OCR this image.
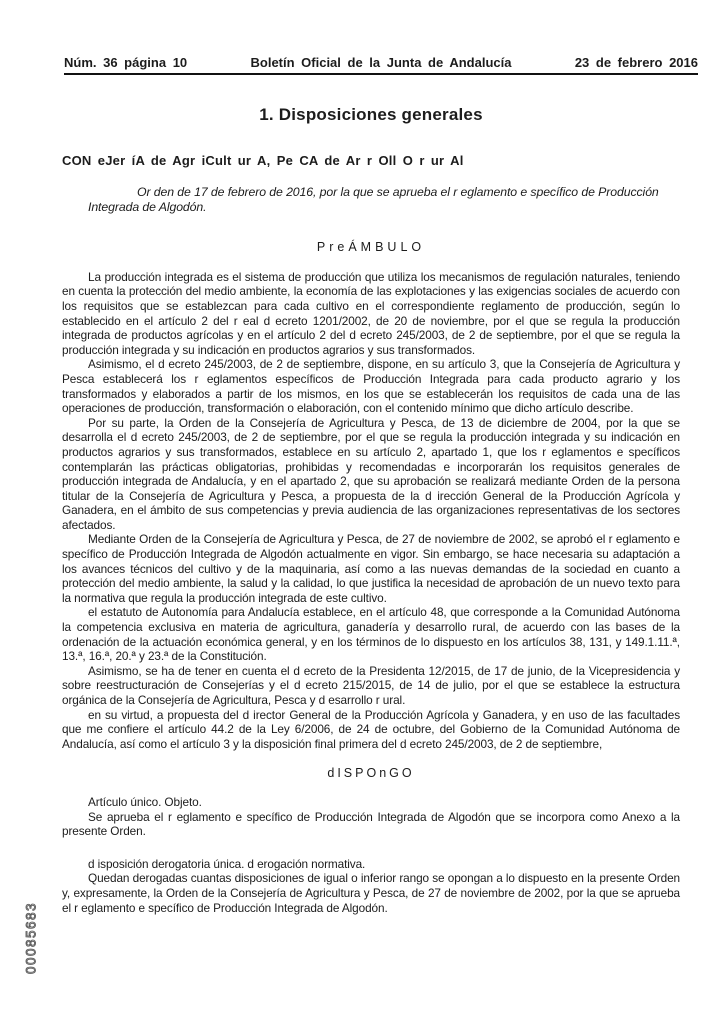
Núm. 36 página 10	Boletín Oficial de la Junta de Andalucía	23 de febrero 2016
1. Disposiciones generales
CON eJer íA de Agr iCult ur A, Pe CA de Ar r Oll O r ur Al

Or den de 17 de febrero de 2016, por la que se aprueba el r eglamento e specífico de Producción Integrada de Algodón.

PreÁMBULO

La producción integrada es el sistema de producción que utiliza los mecanismos de regulación naturales, teniendo en cuenta la protección del medio ambiente, la economía de las explotaciones y las exigencias sociales de acuerdo con los requisitos que se establezcan para cada cultivo en el correspondiente reglamento de producción, según lo establecido en el artículo 2 del r eal d ecreto 1201/2002, de 20 de noviembre, por el que se regula la producción integrada de productos agrícolas y en el artículo 2 del d ecreto 245/2003, de 2 de septiembre, por el que se regula la producción integrada y su indicación en productos agrarios y sus transformados.

Asimismo, el d ecreto 245/2003, de 2 de septiembre, dispone, en su artículo 3, que la Consejería de Agricultura y Pesca establecerá los r eglamentos específicos de Producción Integrada para cada producto agrario y los transformados y elaborados a partir de los mismos, en los que se establecerán los requisitos de cada una de las operaciones de producción, transformación o elaboración, con el contenido mínimo que dicho artículo describe.

Por su parte, la Orden de la Consejería de Agricultura y Pesca, de 13 de diciembre de 2004, por la que se desarrolla el d ecreto 245/2003, de 2 de septiembre, por el que se regula la producción integrada y su indicación en productos agrarios y sus transformados, establece en su artículo 2, apartado 1, que los r eglamentos e specíficos contemplarán las prácticas obligatorias, prohibidas y recomendadas e incorporarán los requisitos generales de producción integrada de Andalucía, y en el apartado 2, que su aprobación se realizará mediante Orden de la persona titular de la Consejería de Agricultura y Pesca, a propuesta de la d irección General de la Producción Agrícola y Ganadera, en el ámbito de sus competencias y previa audiencia de las organizaciones representativas de los sectores afectados.

Mediante Orden de la Consejería de Agricultura y Pesca, de 27 de noviembre de 2002, se aprobó el r eglamento e specífico de Producción Integrada de Algodón actualmente en vigor. Sin embargo, se hace necesaria su adaptación a los avances técnicos del cultivo y de la maquinaria, así como a las nuevas demandas de la sociedad en cuanto a protección del medio ambiente, la salud y la calidad, lo que justifica la necesidad de aprobación de un nuevo texto para la normativa que regula la producción integrada de este cultivo.

el estatuto de Autonomía para Andalucía establece, en el artículo 48, que corresponde a la Comunidad Autónoma la competencia exclusiva en materia de agricultura, ganadería y desarrollo rural, de acuerdo con las bases de la ordenación de la actuación económica general, y en los términos de lo dispuesto en los artículos 38, 131, y 149.1.11.ª, 13.ª, 16.ª, 20.ª y 23.ª de la Constitución.

Asimismo, se ha de tener en cuenta el d ecreto de la Presidenta 12/2015, de 17 de junio, de la Vicepresidencia y sobre reestructuración de Consejerías y el d ecreto 215/2015, de 14 de julio, por el que se establece la estructura orgánica de la Consejería de Agricultura, Pesca y d esarrollo r ural.

en su virtud, a propuesta del d irector General de la Producción Agrícola y Ganadera, y en uso de las facultades que me confiere el artículo 44.2 de la Ley 6/2006, de 24 de octubre, del Gobierno de la Comunidad Autónoma de Andalucía, así como el artículo 3 y la disposición final primera del d ecreto 245/2003, de 2 de septiembre,

dISPOnGO

Artículo único. Objeto.

Se aprueba el r eglamento e specífico de Producción Integrada de Algodón que se incorpora como Anexo a la presente Orden.

d isposición derogatoria única. d erogación normativa.

Quedan derogadas cuantas disposiciones de igual o inferior rango se opongan a lo dispuesto en la presente Orden y, expresamente, la Orden de la Consejería de Agricultura y Pesca, de 27 de noviembre de 2002, por la que se aprueba el r eglamento e specífico de Producción Integrada de Algodón.

00085683
